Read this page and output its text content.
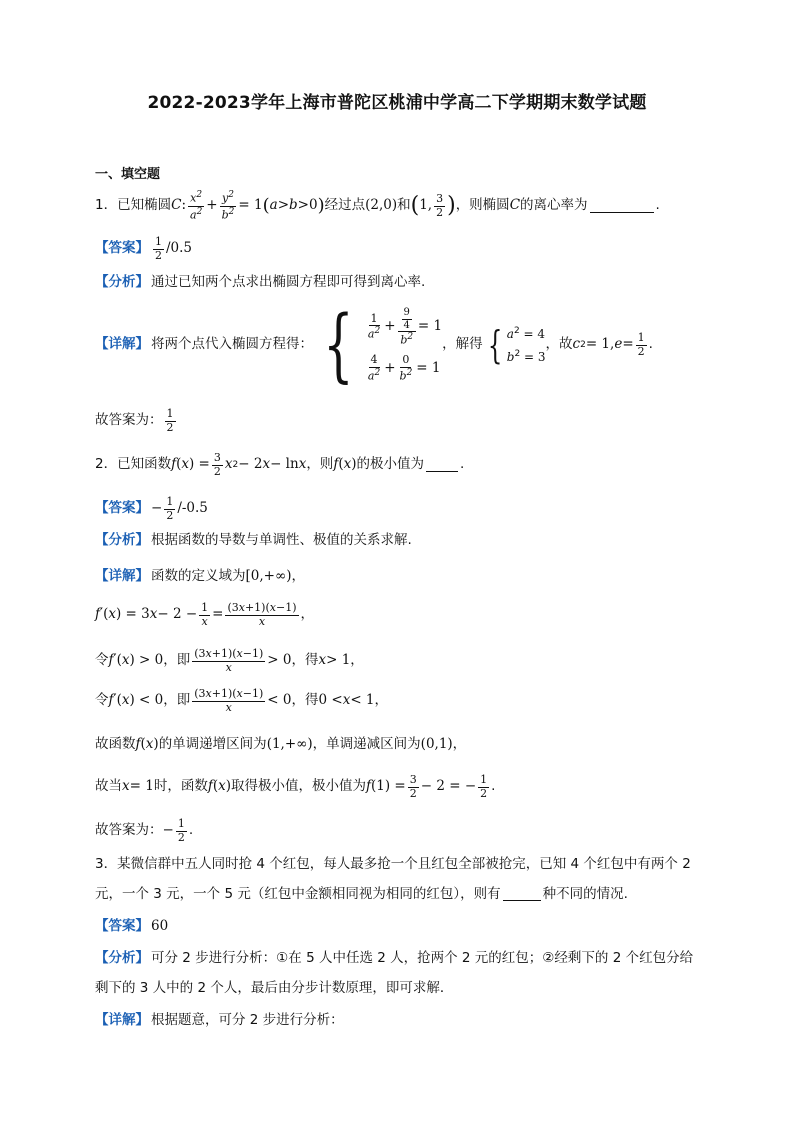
2022-2023学年上海市普陀区桃浦中学高二下学期期末数学试题
一、填空题
1． 已知椭圆 C : $\frac{x^2}{a^2} + \frac{y^2}{b^2} = 1$ ( a > b >0 ) 经过点 (2,0) 和 ( 1, $\frac{3}{2}$ ) ，则椭圆 C 的离心率为	.
【答案】 $\frac{1}{2} /0.5$
【分析】 通过已知两个点求出椭圆方程即可得到离心率.
【详解】 将两个点代入椭圆方程得： { $\frac{1}{a^2} + \frac{\frac{9}{4}}{b^2} = 1$
$\frac{4}{a^2} + \frac{0}{b^2} = 1$
，解得 { $a^2 = 4$
$b^2 = 3$
，故 c 2 = 1, $e = \frac{1}{2}$ .
故答案为： $\frac{1}{2}$
2． 已知函数 f ( x ) = $\frac{3}{2}$ x 2 − 2 x − ln x ，则 f ( x ) 的极小值为	.
【答案】 − $\frac{1}{2} /-0.5$
【分析】 根据函数的导数与单调性、极值的关系求解.
【详解】 函数的定义域为 [0,+∞)，
f ′( x ) = 3 $x - 2 - \frac{1}{x} = \frac{(3x+1)(x-1)}{x}$ ，
令 f ′( x ) > 0 ，即 $\frac{(3x+1)(x-1)}{x} > 0$ ，得 x > 1，
令 f ′( x ) < 0 ，即 $\frac{(3x+1)(x-1)}{x} < 0$ ，得 0 < x < 1，
故函数 f ( x ) 的单调递增区间为 (1,+∞) ，单调递减区间为 (0,1)，
故当 x = 1 时，函数 f ( x ) 取得极小值，极小值为 f $(1) = \frac{3}{2} - 2$ = − $\frac{1}{2}$ .
故答案为： − $\frac{1}{2}$ .
3． 某微信群中五人同时抢 4 个红包，每人最多抢一个且红包全部被抢完，已知 4 个红包中有两个 2
元，一个 3 元，一个 5 元（红包中金额相同视为相同的红包），则有	种不同的情况.
【答案】 60
【分析】 可分 2 步进行分析： ①在 5 人中任选 2 人，抢两个 2 元的红包； ②经剩下的 2 个红包分给
剩下的 3 人中的 2 个人，最后由分步计数原理，即可求解．
【详解】 根据题意，可分 2 步进行分析：
